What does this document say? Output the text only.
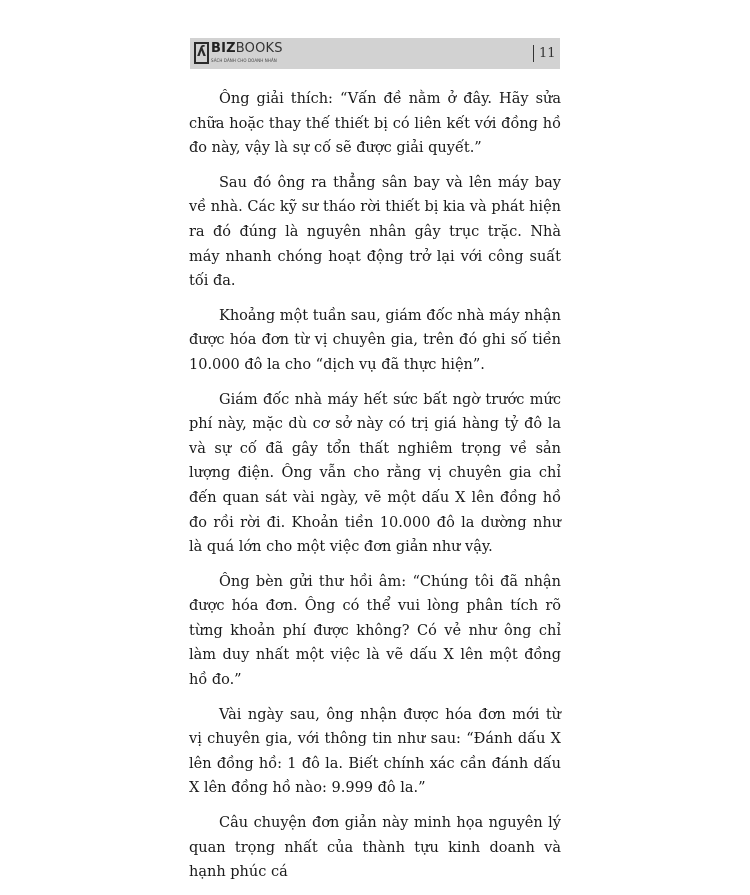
ʎ BIZBOOKS
SÁCH DÀNH CHO DOANH NHÂN	11

Ông giải thích: “Vấn đề nằm ở đây. Hãy sửa chữa hoặc thay thế thiết bị có liên kết với đồng hồ đo này, vậy là sự cố sẽ được giải quyết.”

Sau đó ông ra thẳng sân bay và lên máy bay về nhà. Các kỹ sư tháo rời thiết bị kia và phát hiện ra đó đúng là nguyên nhân gây trục trặc. Nhà máy nhanh chóng hoạt động trở lại với công suất tối đa.

Khoảng một tuần sau, giám đốc nhà máy nhận được hóa đơn từ vị chuyên gia, trên đó ghi số tiền 10.000 đô la cho “dịch vụ đã thực hiện”.

Giám đốc nhà máy hết sức bất ngờ trước mức phí này, mặc dù cơ sở này có trị giá hàng tỷ đô la và sự cố đã gây tổn thất nghiêm trọng về sản lượng điện. Ông vẫn cho rằng vị chuyên gia chỉ đến quan sát vài ngày, vẽ một dấu X lên đồng hồ đo rồi rời đi. Khoản tiền 10.000 đô la dường như là quá lớn cho một việc đơn giản như vậy.

Ông bèn gửi thư hồi âm: “Chúng tôi đã nhận được hóa đơn. Ông có thể vui lòng phân tích rõ từng khoản phí được không? Có vẻ như ông chỉ làm duy nhất một việc là vẽ dấu X lên một đồng hồ đo.”

Vài ngày sau, ông nhận được hóa đơn mới từ vị chuyên gia, với thông tin như sau: “Đánh dấu X lên đồng hồ: 1 đô la. Biết chính xác cần đánh dấu X lên đồng hồ nào: 9.999 đô la.”

Câu chuyện đơn giản này minh họa nguyên lý quan trọng nhất của thành tựu kinh doanh và hạnh phúc cá
